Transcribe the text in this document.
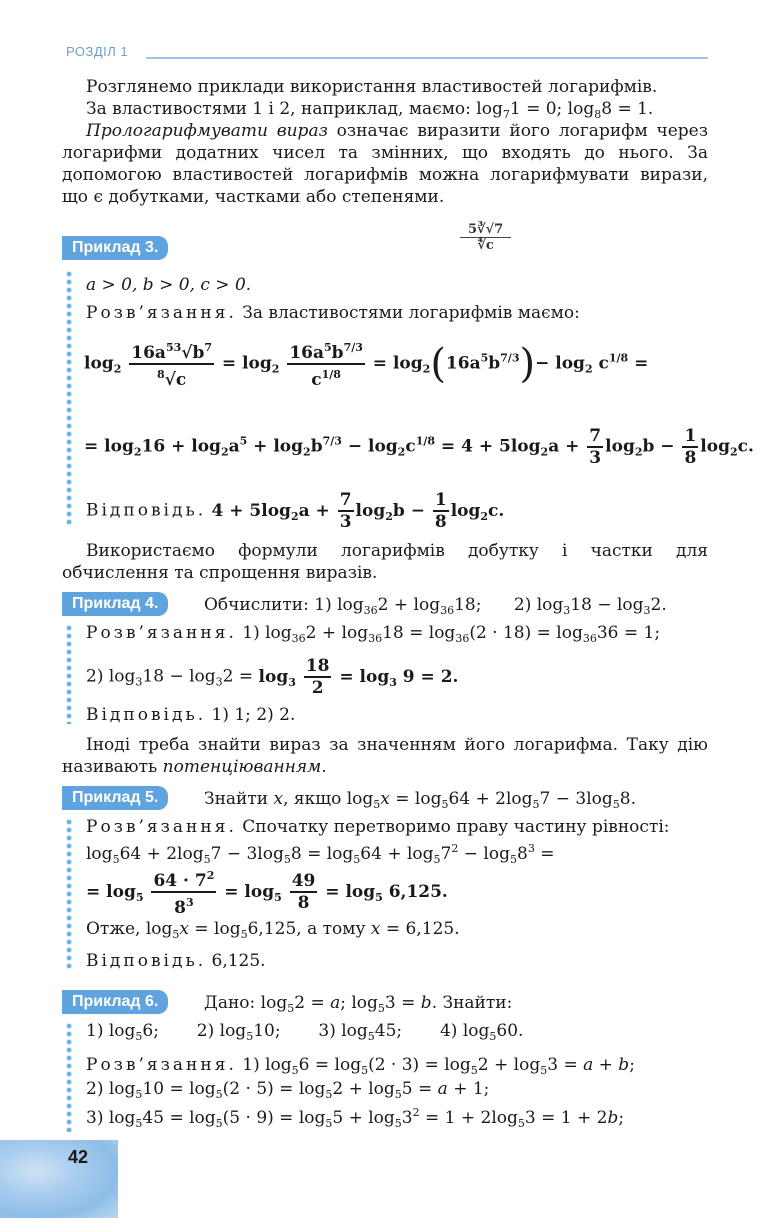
РОЗДІЛ 1
Розглянемо приклади використання властивостей логарифмів.
За властивостями 1 і 2, наприклад, маємо: $\log_71 = 0$; $\log_88 = 1$.
Прологарифмувати вираз означає виразити його логарифм через логарифми додатних чисел та змінних, що входять до нього. За допомогою властивостей логарифмів можна логарифмувати вирази, що є добутками, частками або степенями.
Приклад 3.
5∛√7
∜c
a > 0, b > 0, c > 0.
Розв’язання. За властивостями логарифмів маємо:
$\log_2 \frac{16a^{53}√b^7}{^8√c} = \log_2 \frac{16a^5b^{7/3}}{c^{1/8}} = \log_2(16a^5b^{7/3})- \log_2 c^{1/8}$ =
= $\log_216 + \log_2a^5 + \log_2b^{7/3} - \log_2c^{1/8} = 4 + 5\log_2a + \frac{7}{3} \log_2b - \frac{1}{8} \log_2c$.
Відповідь. $4 + 5\log_2a + \frac{7}{3} \log_2b - \frac{1}{8} \log_2c$.
Використаємо формули логарифмів добутку і частки для обчислення та спрощення виразів.
Приклад 4.	Обчислити: 1) $\log_{36}2 + \log_{36}18$;      2) $\log_318 - \log_32$.
Розв’язання. 1) $\log_{36}2 + \log_{36}18 = \log_{36}(2 \cdot 18) = \log_{36}36 = 1$;
2) $\log_318 - \log_32 = \log_3 \frac{18}{2} = \log_3 9 = 2$.
Відповідь. 1) 1; 2) 2.
Іноді треба знайти вираз за значенням його логарифма. Таку дію називають потенціюванням.
Приклад 5.	Знайти x, якщо $\log_5x = \log_564 + 2\log_57 - 3\log_58$.
Розв’язання. Спочатку перетворимо праву частину рівності:
$\log_564 + 2\log_57 - 3\log_58 = \log_564 + \log_57^2 - \log_58^3$ =
= $\log_5 \frac{64 \cdot 7^2}{8^3} = \log_5 \frac{49}{8} = \log_5 6,125$.
Отже, $\log_5x = \log_56,125$, а тому x = 6,125.
Відповідь. 6,125.
Приклад 6.	Дано: $\log_52 = a$; $\log_53 = b$. Знайти:
1) $\log_56$;       2) $\log_510$;       3) $\log_545$;       4) $\log_560$.
Розв’язання. 1) $\log_56 = \log_5(2 \cdot 3) = \log_52 + \log_53 = a + b$;
2) $\log_510 = \log_5(2 \cdot 5) = \log_52 + \log_55 = a + 1$;
3) $\log_545 = \log_5(5 \cdot 9) = \log_55 + \log_53^2 = 1 + 2\log_53 = 1 + 2b$;
42
